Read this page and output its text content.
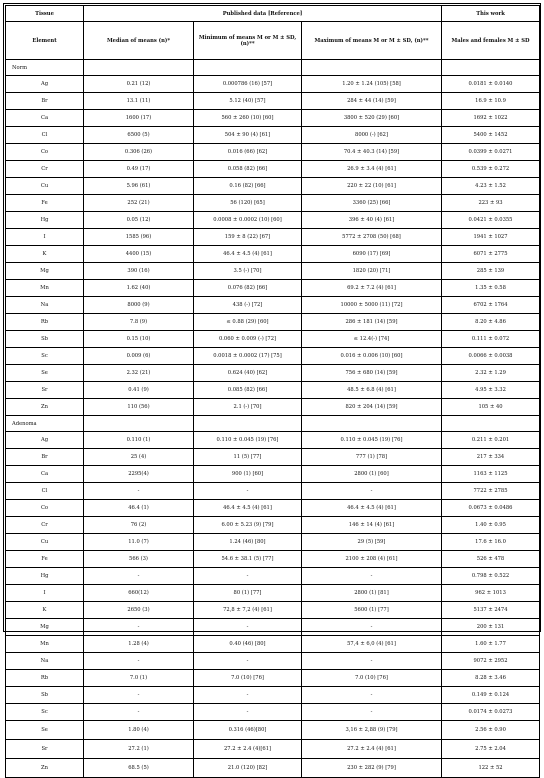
Tissue	Published data [Reference]			This work
Element	Median of means (n)*	Minimum of means M or M ± SD, (n)**	Maximum of means M or M ± SD, (n)**	Males and females M ± SD
Norm				
Ag	0.21 (12)	0.000786 (16) [57]	1.20 ± 1.24 (105) [58]	0.0181 ± 0.0140
Br	13.1 (11)	5.12 (40) [57]	284 ± 44 (14) [59]	16.9 ± 10.9
Ca	1600 (17)	560 ± 260 (10) [60]	3800 ± 520 (29) [60]	1692 ± 1022
Cl	6500 (5)	504 ± 90 (4) [61]	8000 (-) [62]	5400 ± 1452
Co	0.306 (26)	0.016 (66) [62]	70.4 ± 40.3 (14) [59]	0.0399 ± 0.0271
Cr	0.49 (17)	0.058 (82) [66]	26.9 ± 3.4 (4) [61]	0.539 ± 0.272
Cu	5.96 (61)	0.16 (82) [66]	220 ± 22 (10) [61]	4.23 ± 1.52
Fe	252 (21)	56 (120) [65]	3360 (25) [66]	223 ± 93
Hg	0.05 (12)	0.0008 ± 0.0002 (10) [60]	396 ± 40 (4) [61]	0.0421 ± 0.0355
I	1585 (96)	159 ± 8 (22) [67]	5772 ± 2708 (50) [68]	1941 ± 1027
K	4400 (15)	46.4 ± 4.5 (4) [61]	6090 (17) [69]	6071 ± 2775
Mg	390 (16)	3.5 (-) [70]	1820 (20) [71]	285 ± 139
Mn	1.62 (40)	0.076 (82) [66]	69.2 ± 7.2 (4) [61]	1.35 ± 0.58
Na	8000 (9)	438 (-) [72]	10000 ± 5000 (11) [72]	6702 ± 1764
Rb	7.8 (9)	≤ 0.88 (29) [60]	286 ± 181 (14) [59]	8.20 ± 4.86
Sb	0.15 (10)	0.060 ± 0.009 (-) [72]	≤ 12.4(-) [74]	0.111 ± 0.072
Sc	0.009 (6)	0.0018 ± 0.0002 (17) [75]	0.016 ± 0.006 (10) [60]	0.0066 ± 0.0038
Se	2.32 (21)	0.624 (40) [62]	756 ± 680 (14) [59]	2.32 ± 1.29
Sr	0.41 (9)	0.085 (82) [66]	48.5 ± 6.8 (4) [61]	4.95 ± 3.32
Zn	110 (56)	2.1 (-) [70]	820 ± 204 (14) [59]	105 ± 40
Adenoma				
Ag	0.110 (1)	0.110 ± 0.045 (19) [76]	0.110 ± 0.045 (19) [76]	0.211 ± 0.201
Br	25 (4)	11 (5) [77]	777 (1) [78]	217 ± 334
Ca	2295(4)	900 (1) [60]	2800 (1) [60]	1163 ± 1125
Cl	-	-	-	7722 ± 2785
Co	46.4 (1)	46.4 ± 4.5 (4) [61]	46.4 ± 4.5 (4) [61]	0.0673 ± 0.0486
Cr	76 (2)	6.00 ± 5.23 (9) [79]	146 ± 14 (4) [61]	1.40 ± 0.95
Cu	11.0 (7)	1.24 (46) [80]	29 (5) [59]	17.6 ± 16.0
Fe	566 (3)	54.6 ± 38.1 (5) [77]	2100 ± 208 (4) [61]	526 ± 478
Hg	-	-	-	0.798 ± 0.522
I	660(12)	80 (1) [77]	2800 (1) [81]	962 ± 1013
K	2650 (3)	72,8 ± 7,2 (4) [61]	5600 (1) [77]	5137 ± 2474
Mg	-	-	-	200 ± 131
Mn	1.28 (4)	0.40 (46) [80]	57,4 ± 6,0 (4) [61]	1.60 ± 1.77
Na	-	-	-	9072 ± 2952
Rb	7.0 (1)	7.0 (10) [76]	7.0 (10) [76]	8.28 ± 3.46
Sb	-	-	-	0.149 ± 0.124
Sc	-	-	-	0.0174 ± 0.0273
Se	1.80 (4)	0.316 (46)[80]	3,16 ± 2,88 (9) [79]	2.56 ± 0.90
Sr	27.2 (1)	27.2 ± 2.4 (4)[61]	27.2 ± 2.4 (4) [61]	2.75 ± 2.04
Zn	68.5 (5)	21.0 (120) [82]	230 ± 282 (9) [79]	122 ± 52
